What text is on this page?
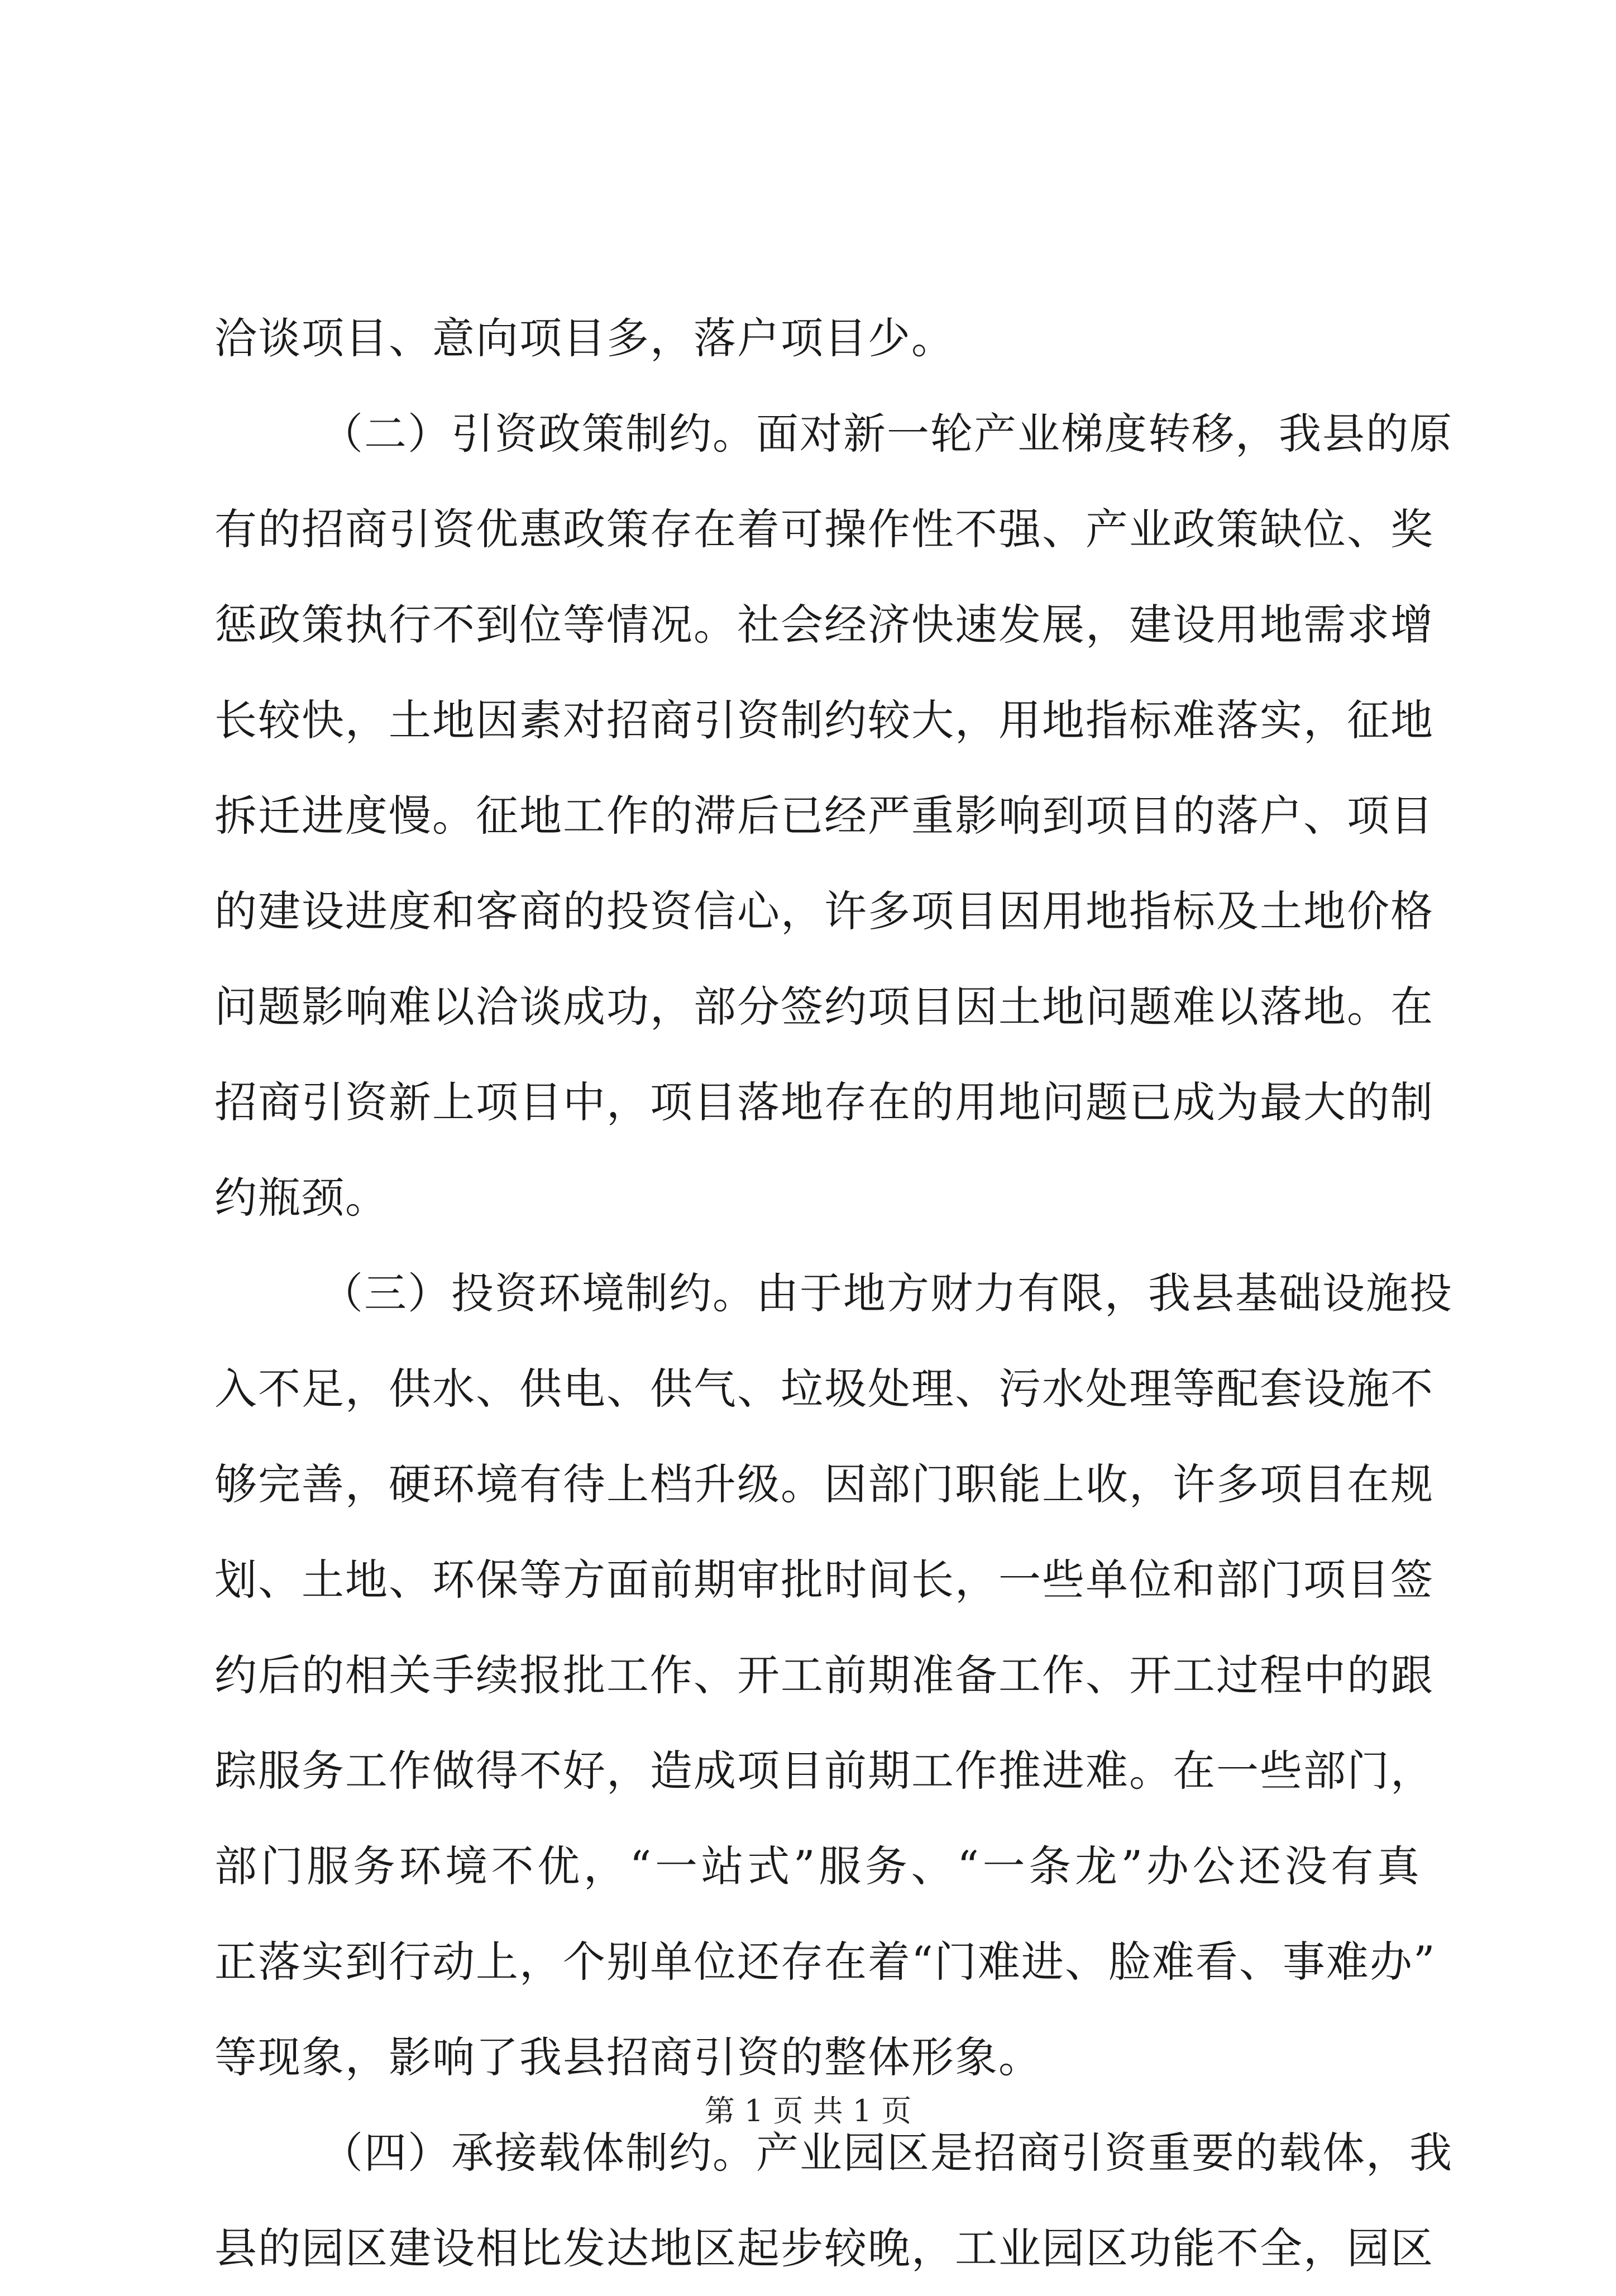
洽谈项目、意向项目多，落户项目少。
（二）引资政策制约。面对新一轮产业梯度转移，我县的原
有的招商引资优惠政策存在着可操作性不强、产业政策缺位、奖
惩政策执行不到位等情况。社会经济快速发展，建设用地需求增
长较快，土地因素对招商引资制约较大，用地指标难落实，征地
拆迁进度慢。征地工作的滞后已经严重影响到项目的落户、项目
的建设进度和客商的投资信心，许多项目因用地指标及土地价格
问题影响难以洽谈成功，部分签约项目因土地问题难以落地。在
招商引资新上项目中，项目落地存在的用地问题已成为最大的制
约瓶颈。
（三）投资环境制约。由于地方财力有限，我县基础设施投
入不足，供水、供电、供气、垃圾处理、污水处理等配套设施不
够完善，硬环境有待上档升级。因部门职能上收，许多项目在规
划、土地、环保等方面前期审批时间长，一些单位和部门项目签
约后的相关手续报批工作、开工前期准备工作、开工过程中的跟
踪服务工作做得不好，造成项目前期工作推进难。在一些部门，
部门服务环境不优，“一站式”服务、“一条龙”办公还没有真
正落实到行动上，个别单位还存在着“门难进、脸难看、事难办”
等现象，影响了我县招商引资的整体形象。
（四）承接载体制约。产业园区是招商引资重要的载体，我
县的园区建设相比发达地区起步较晚，工业园区功能不全，园区
第 1 页 共 1 页
